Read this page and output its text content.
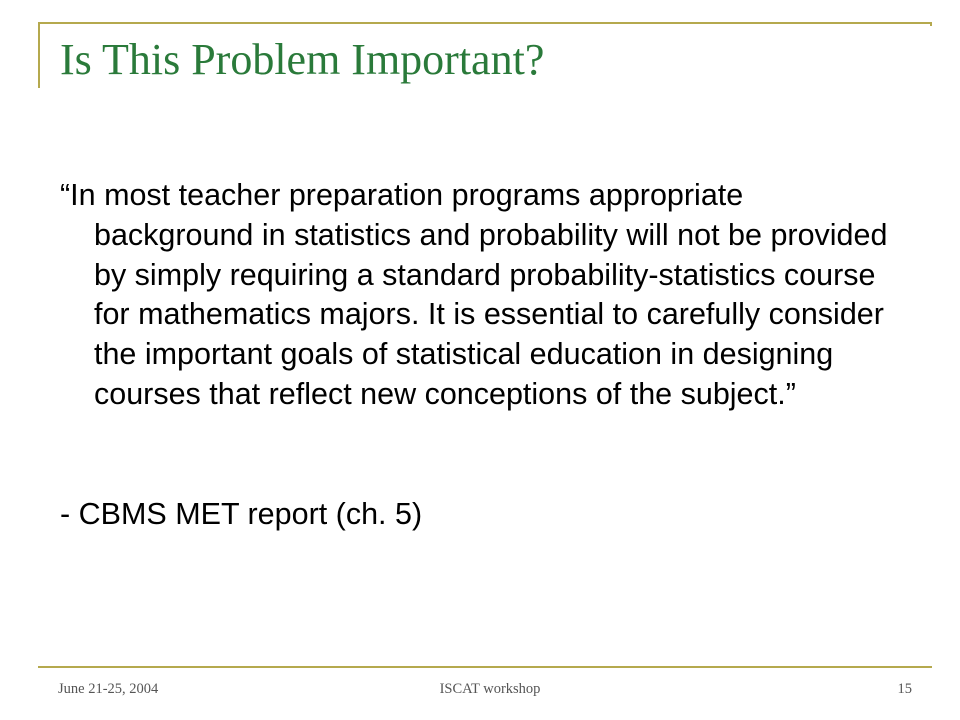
Is This Problem Important?

“In most teacher preparation programs appropriate background in statistics and probability will not be provided by simply requiring a standard probability-statistics course for mathematics majors. It is essential to carefully consider the important goals of statistical education in designing courses that reflect new conceptions of the subject.”

- CBMS MET report (ch. 5)

June 21-25, 2004	ISCAT workshop	15
